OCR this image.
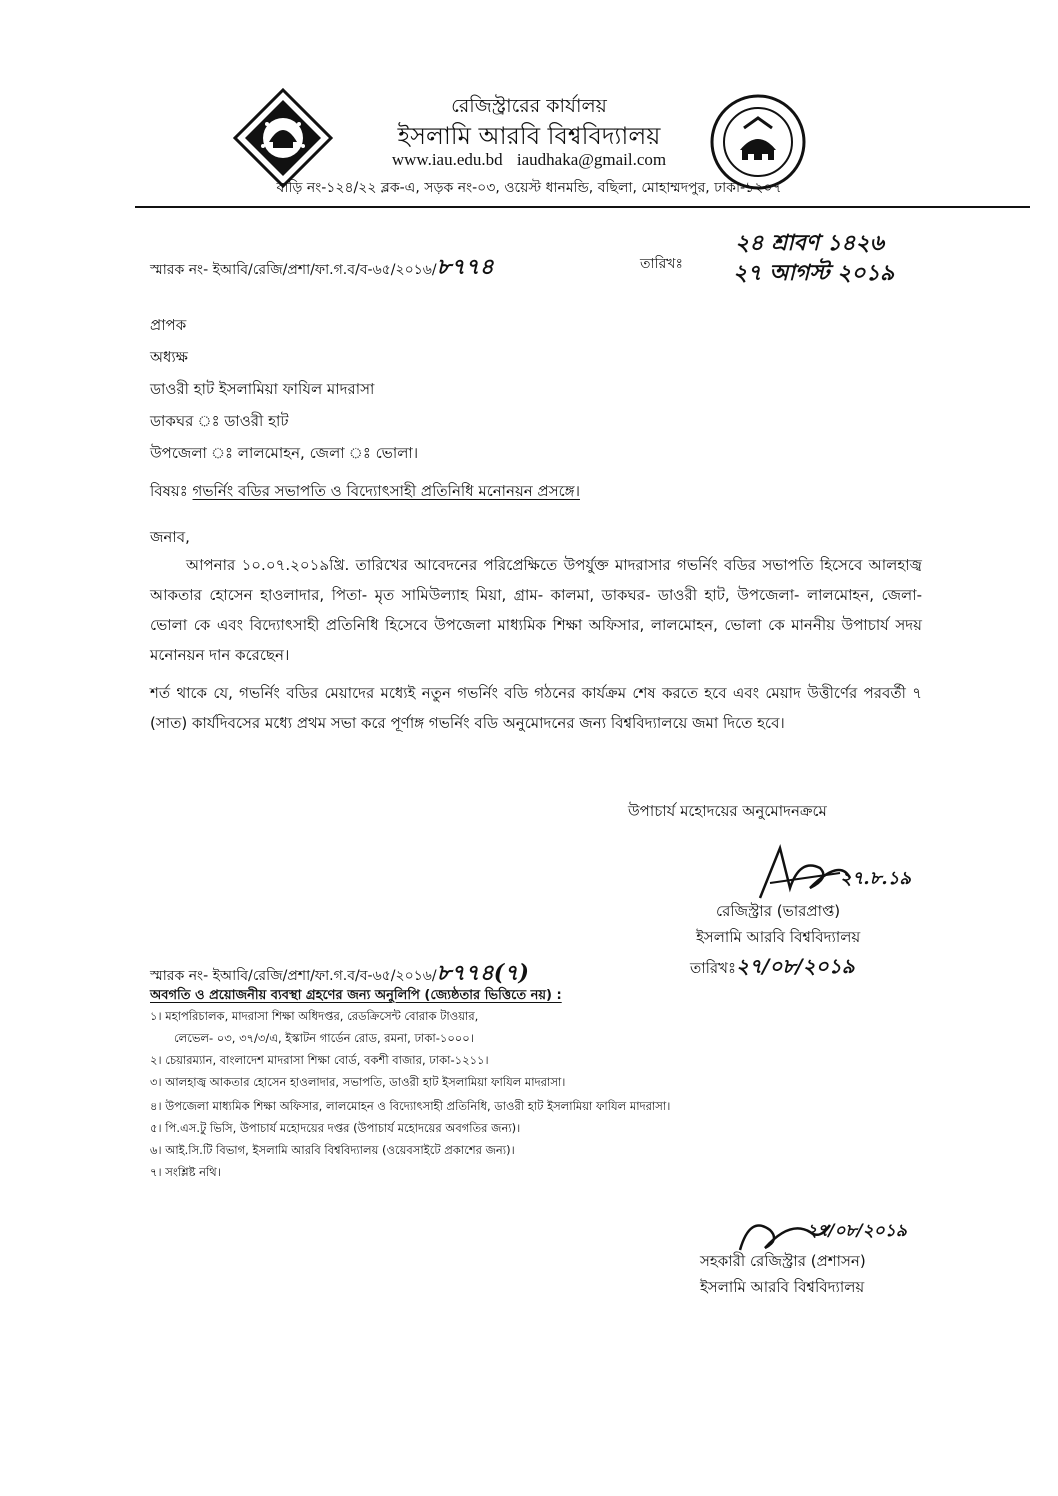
রেজিস্ট্রারের কার্যালয়
ইসলামি আরবি বিশ্ববিদ্যালয়
www.iau.edu.bd iaudhaka@gmail.com
বাড়ি নং-১২৪/২২ ব্লক-এ, সড়ক নং-০৩, ওয়েস্ট ধানমন্ডি, বছিলা, মোহাম্মদপুর, ঢাকা-১২০৭
স্মারক নং- ইআবি/রেজি/প্রশা/ফা.গ.ব/ব-৬৫/২০১৬/৮৭৭৪	তারিখঃ
২৪ শ্রাবণ ১৪২৬
২৭ আগস্ট ২০১৯
প্রাপক
অধ্যক্ষ
ডাওরী হাট ইসলামিয়া ফাযিল মাদরাসা
ডাকঘর ঃ ডাওরী হাট
উপজেলা ঃ লালমোহন, জেলা ঃ ভোলা।
বিষয়ঃ গভর্নিং বডির সভাপতি ও বিদ্যোৎসাহী প্রতিনিধি মনোনয়ন প্রসঙ্গে।
জনাব,
আপনার ১০.০৭.২০১৯খ্রি. তারিখের আবেদনের পরিপ্রেক্ষিতে উপর্যুক্ত মাদরাসার গভর্নিং বডির সভাপতি হিসেবে আলহাজ্ব আকতার হোসেন হাওলাদার, পিতা- মৃত সামিউল্যাহ মিয়া, গ্রাম- কালমা, ডাকঘর- ডাওরী হাট, উপজেলা- লালমোহন, জেলা- ভোলা কে এবং বিদ্যোৎসাহী প্রতিনিধি হিসেবে উপজেলা মাধ্যমিক শিক্ষা অফিসার, লালমোহন, ভোলা কে মাননীয় উপাচার্য সদয় মনোনয়ন দান করেছেন।
শর্ত থাকে যে, গভর্নিং বডির মেয়াদের মধ্যেই নতুন গভর্নিং বডি গঠনের কার্যক্রম শেষ করতে হবে এবং মেয়াদ উত্তীর্ণের পরবর্তী ৭ (সাত) কার্যদিবসের মধ্যে প্রথম সভা করে পূর্ণাঙ্গ গভর্নিং বডি অনুমোদনের জন্য বিশ্ববিদ্যালয়ে জমা দিতে হবে।
উপাচার্য মহোদয়ের অনুমোদনক্রমে
২৭.৮.১৯
রেজিস্ট্রার (ভারপ্রাপ্ত)
ইসলামি আরবি বিশ্ববিদ্যালয়
তারিখঃ২৭/০৮/২০১৯
স্মারক নং- ইআবি/রেজি/প্রশা/ফা.গ.ব/ব-৬৫/২০১৬/৮৭৭৪(৭)
অবগতি ও প্রয়োজনীয় ব্যবস্থা গ্রহণের জন্য অনুলিপি (জ্যেষ্ঠতার ভিত্তিতে নয়) :
১। মহাপরিচালক, মাদরাসা শিক্ষা অধিদপ্তর, রেডক্রিসেন্ট বোরাক টাওয়ার,
লেভেল- ০৩, ৩৭/৩/এ, ইস্কাটন গার্ডেন রোড, রমনা, ঢাকা-১০০০।
২। চেয়ারম্যান, বাংলাদেশ মাদরাসা শিক্ষা বোর্ড, বকশী বাজার, ঢাকা-১২১১।
৩। আলহাজ্ব আকতার হোসেন হাওলাদার, সভাপতি, ডাওরী হাট ইসলামিয়া ফাযিল মাদরাসা।
৪। উপজেলা মাধ্যমিক শিক্ষা অফিসার, লালমোহন ও বিদ্যোৎসাহী প্রতিনিধি, ডাওরী হাট ইসলামিয়া ফাযিল মাদরাসা।
৫। পি.এস.টু ভিসি, উপাচার্য মহোদয়ের দপ্তর (উপাচার্য মহোদয়ের অবগতির জন্য)।
৬। আই.সি.টি বিভাগ, ইসলামি আরবি বিশ্ববিদ্যালয় (ওয়েবসাইটে প্রকাশের জন্য)।
৭। সংশ্লিষ্ট নথি।
২৭/০৮/২০১৯
সহকারী রেজিস্ট্রার (প্রশাসন)
ইসলামি আরবি বিশ্ববিদ্যালয়
